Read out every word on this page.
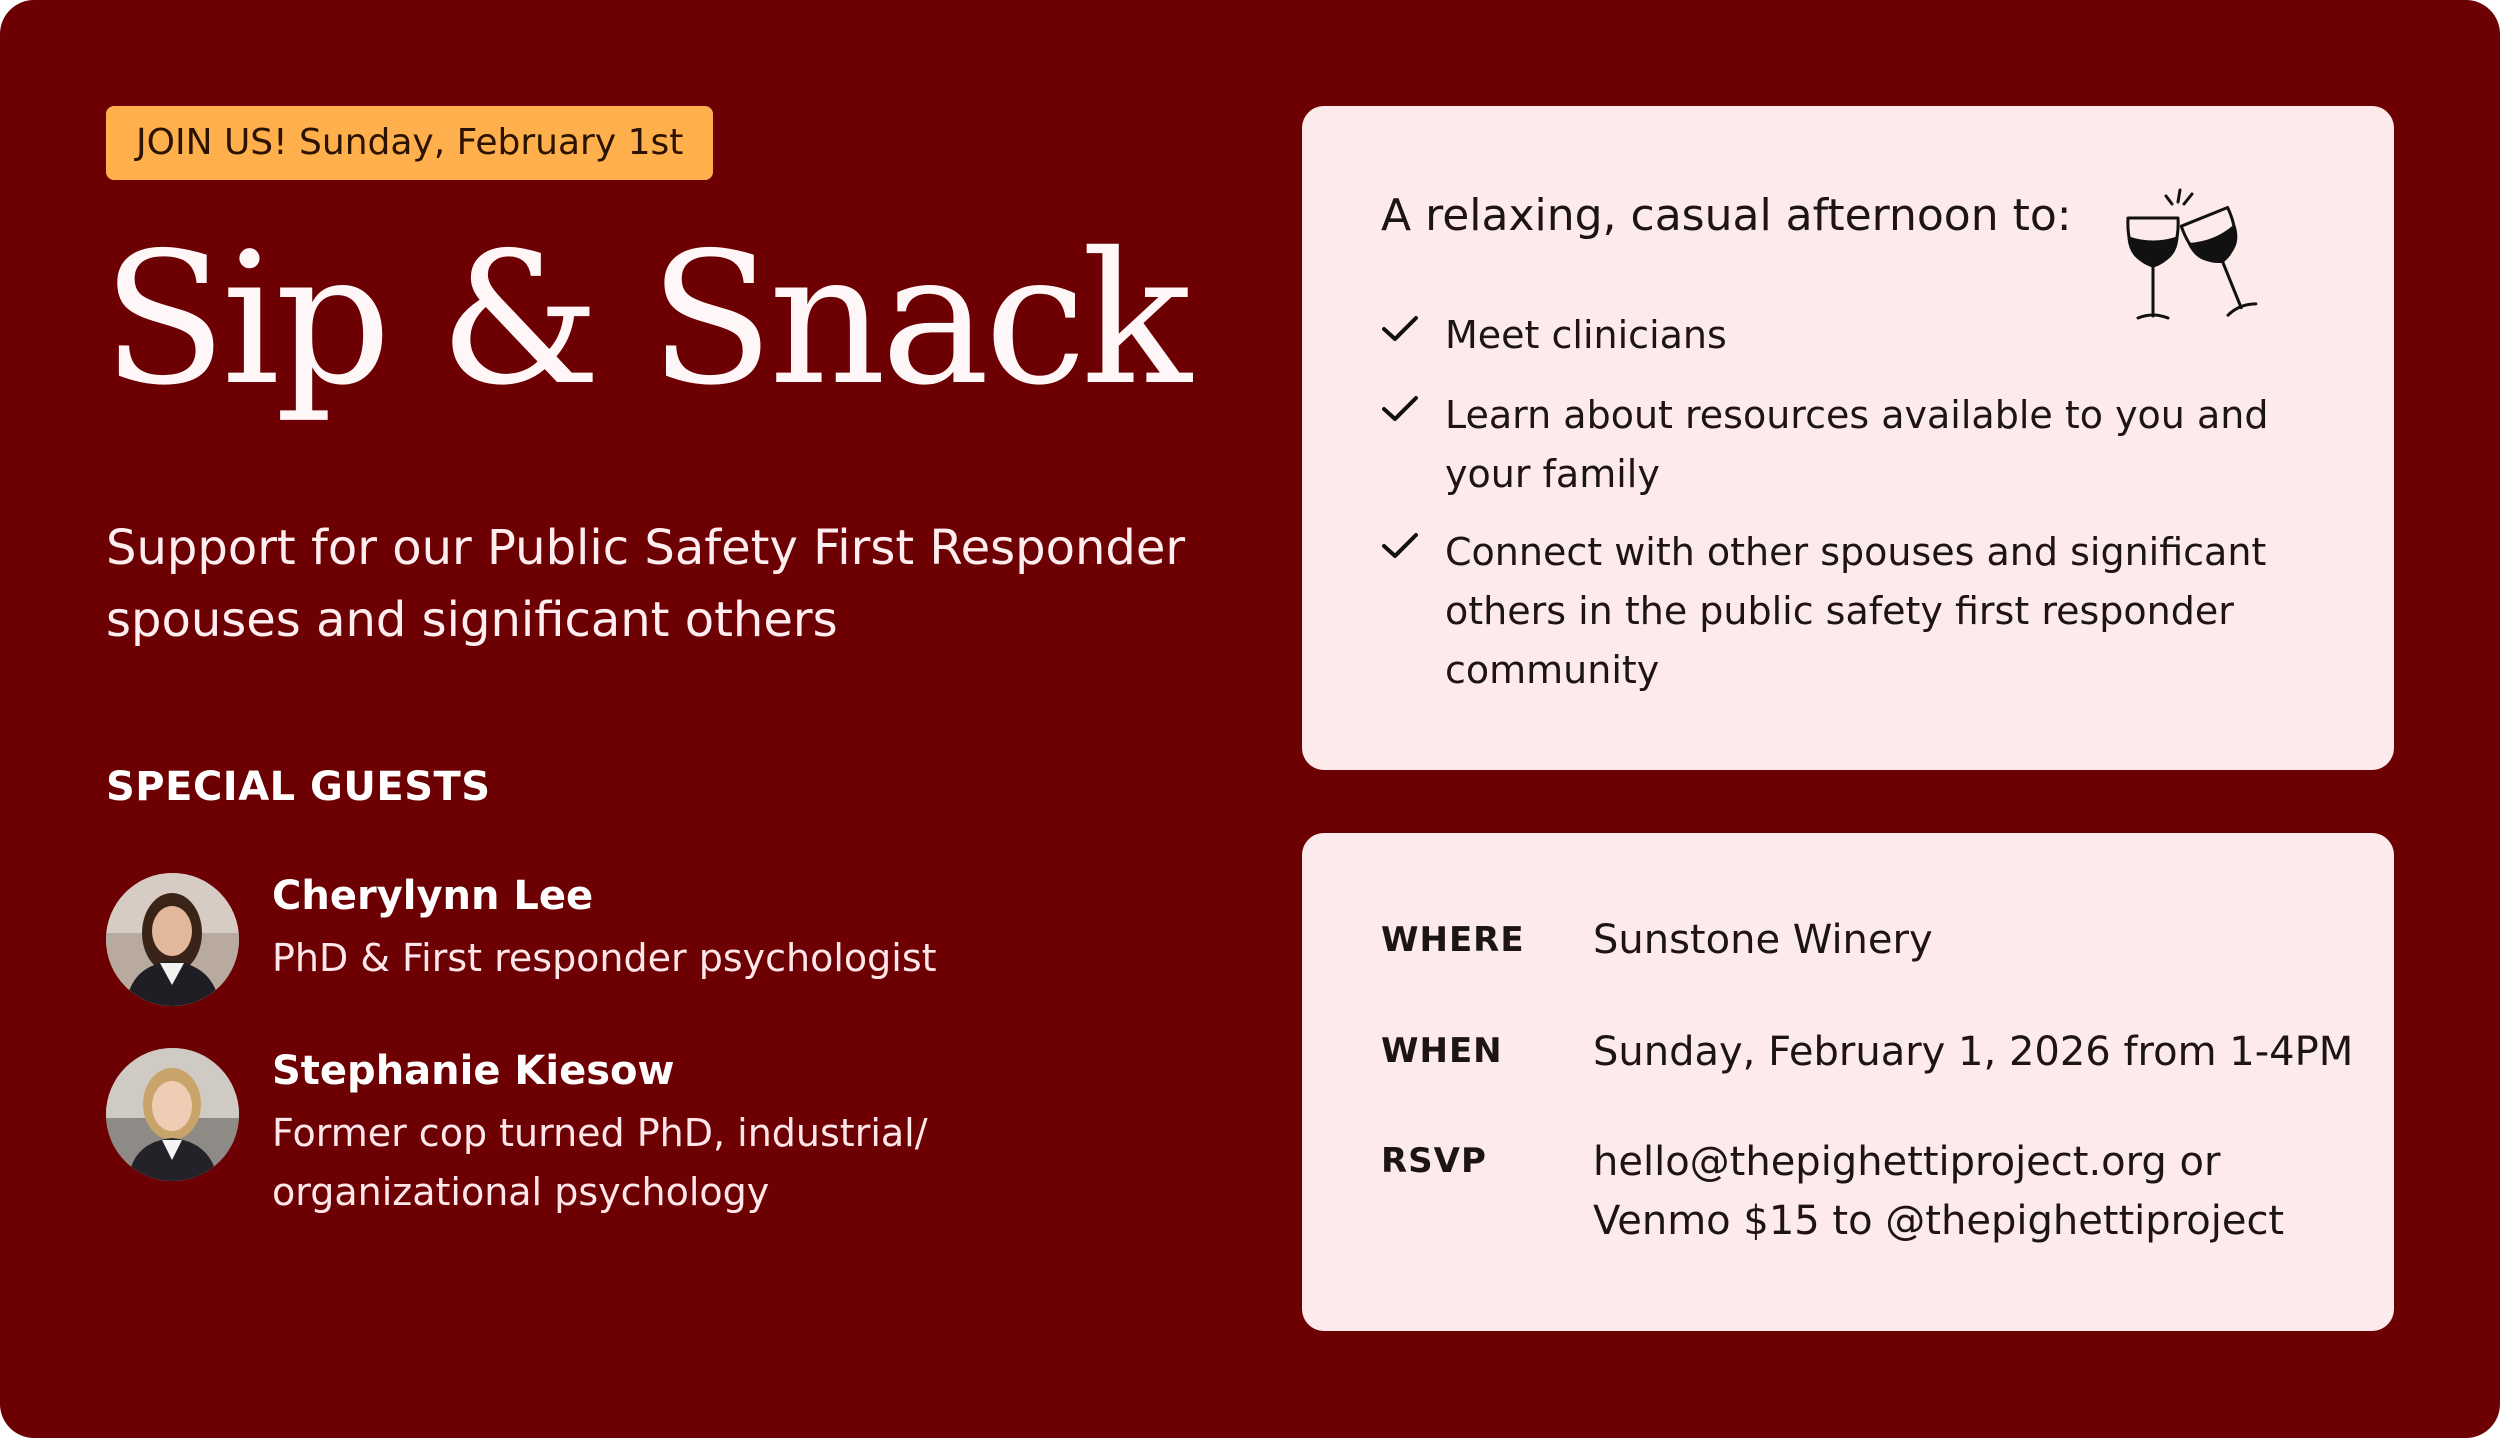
JOIN US! Sunday, February 1st
Sip & Snack
Support for our Public Safety First Responder spouses and significant others
SPECIAL GUESTS
Cherylynn Lee
PhD & First responder psychologist
Stephanie Kiesow
Former cop turned PhD, industrial/ organizational psychology
A relaxing, casual afternoon to:
Meet clinicians
Learn about resources available to you and your family
Connect with other spouses and significant others in the public safety first responder community
WHERE Sunstone Winery
WHEN Sunday, February 1, 2026 from 1-4PM
RSVP	hello@thepighettiproject.org or
Venmo $15 to @thepighettiproject
